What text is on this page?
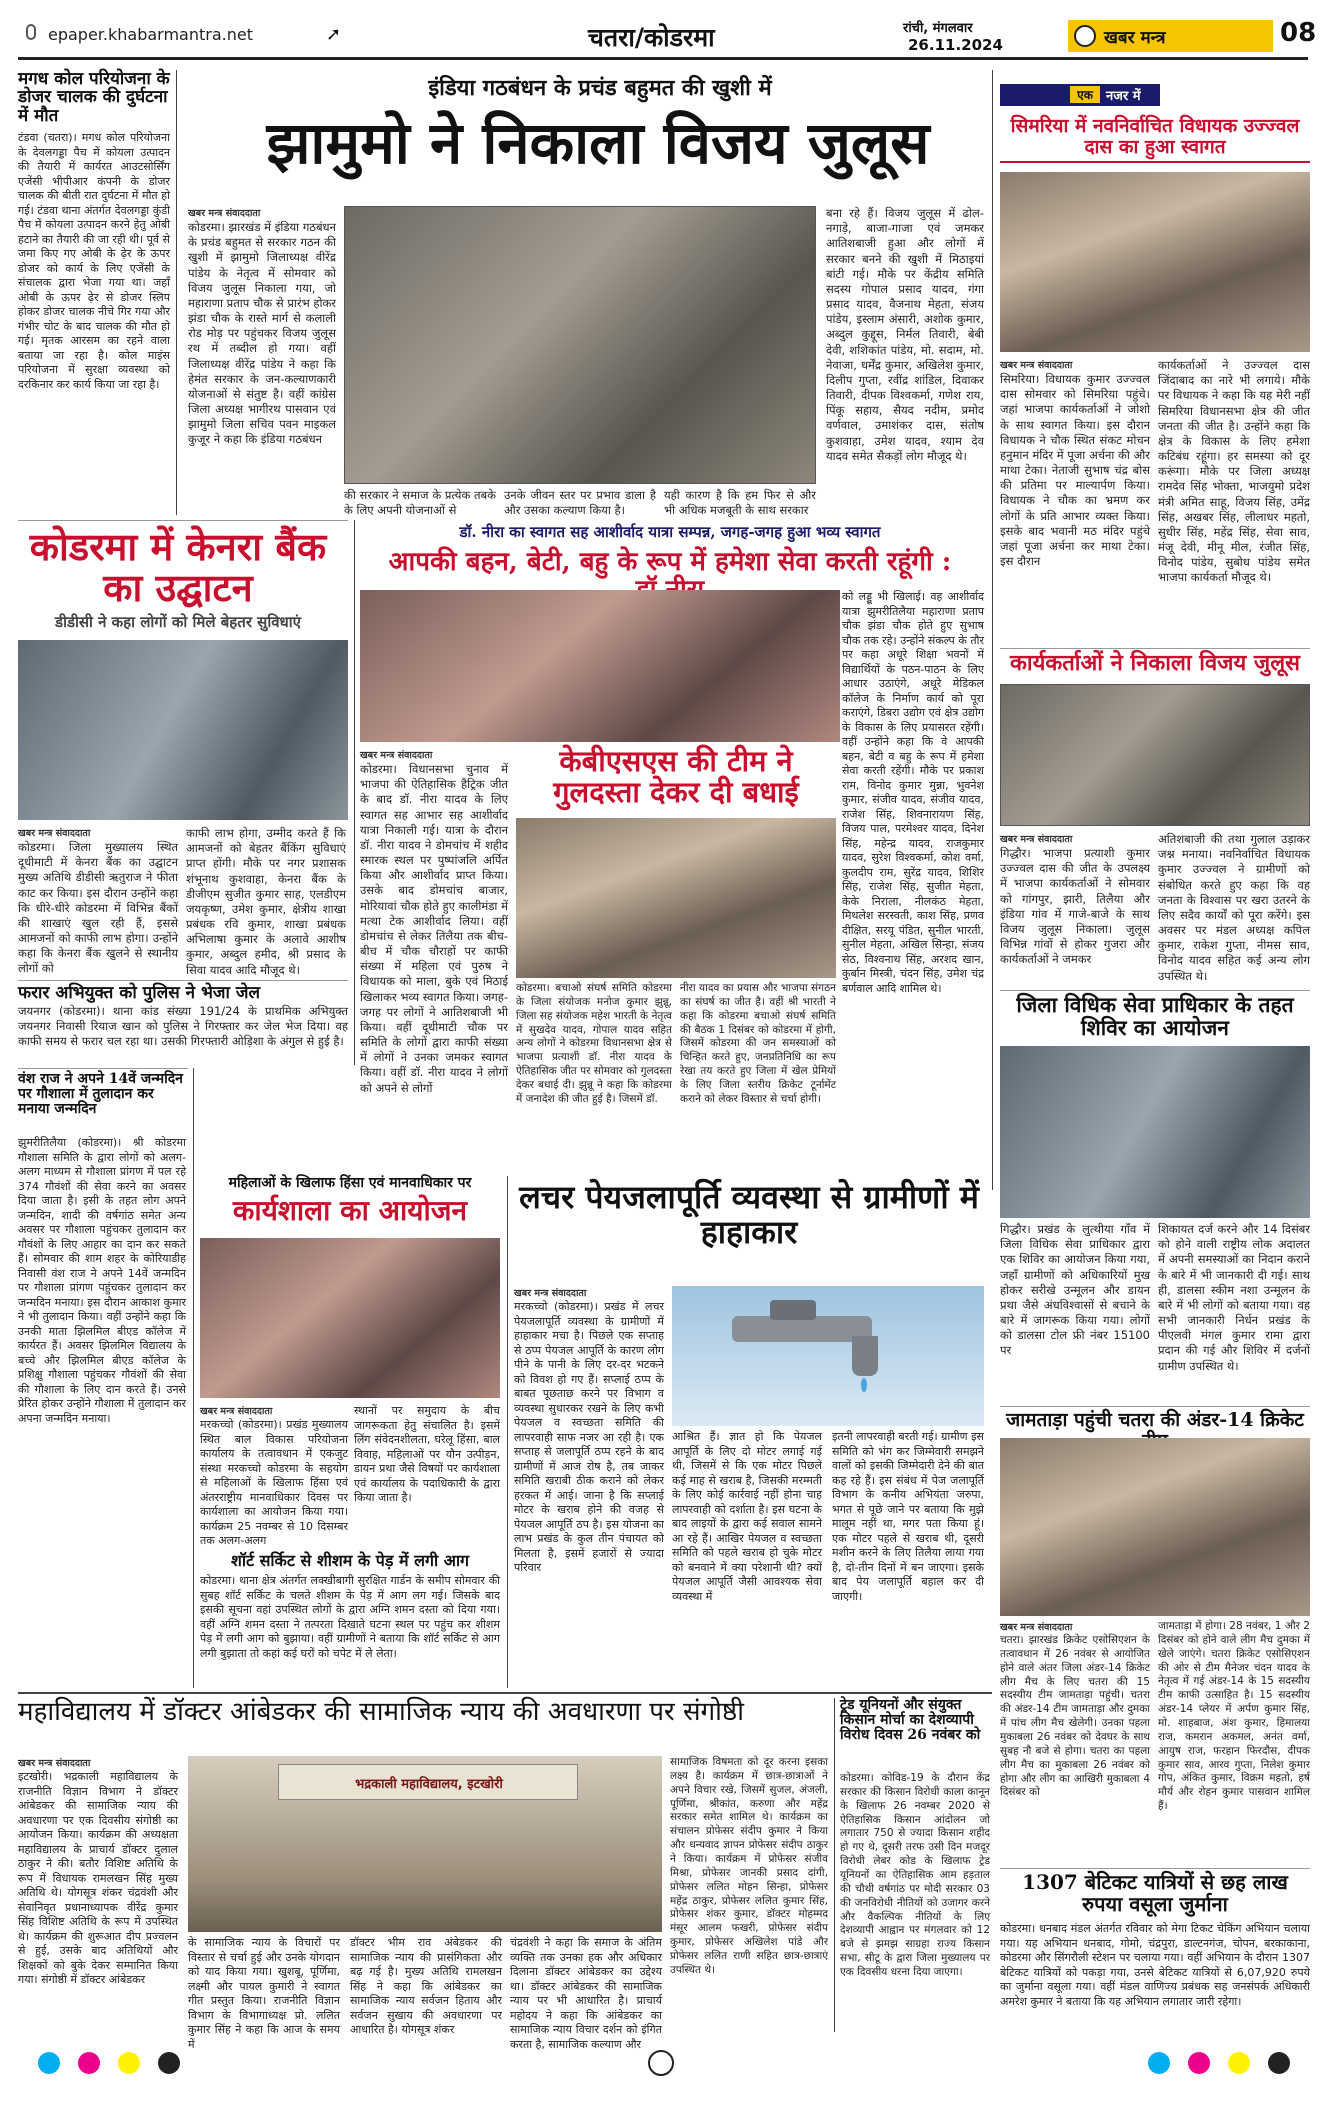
epaper.khabarmantra.net	➚	चतरा/कोडरमा	रांची, मंगलवार
26.11.2024	खबर मन्त्र	08
मगध कोल परियोजना के डोजर चालक की दुर्घटना में मौत
टंडवा (चतरा)। मगध कोल परियोजना के देवलगड्डा पैच में कोयला उत्पादन की तैयारी में कार्यरत आउटसोर्सिंग एजेंसी भीपीआर कंपनी के डोजर चालक की बीती रात दुर्घटना में मौत हो गई। टंडवा थाना अंतर्गत देवलगड्डा कुंडी पैच में कोयला उत्पादन करने हेतु ओबी हटाने का तैयारी की जा रही थी। पूर्व से जमा किए गए ओबी के ढ़ेर के ऊपर डोजर को कार्य के लिए एजेंसी के संचालक द्वारा भेजा गया था। जहाँ ओबी के ऊपर ढ़ेर से डोजर स्लिप होकर डोजर चालक नीचे गिर गया और गंभीर चोट के बाद चालक की मौत हो गई। मृतक आरसम का रहने वाला बताया जा रहा है। कोल माइंस परियोजना में सुरक्षा व्यवस्था को दरकिनार कर कार्य किया जा रहा है।
इंडिया गठबंधन के प्रचंड बहुमत की खुशी में
झामुमो ने निकाला विजय जुलूस
खबर मन्त्र संवाददाता
कोडरमा। झारखंड में इंडिया गठबंधन के प्रचंड बहुमत से सरकार गठन की खुशी में झामुमो जिलाध्यक्ष वीरेंद्र पांडेय के नेतृत्व में सोमवार को विजय जुलूस निकाला गया, जो महाराणा प्रताप चौक से प्रारंभ होकर झंडा चौक के रास्ते मार्ग से कलाली रोड मोड़ पर पहुंचकर विजय जुलूस रथ में तब्दील हो गया। वहीं जिलाध्यक्ष वीरेंद्र पांडेय ने कहा कि हेमंत सरकार के जन-कल्याणकारी योजनाओं से संतुष्ट है। वहीं कांग्रेस जिला अध्यक्ष भागीरथ पासवान एवं झामुमो जिला सचिव पवन माइकल कुजूर ने कहा कि इंडिया गठबंधन
की सरकार ने समाज के प्रत्येक तबके के लिए अपनी योजनाओं से
उनके जीवन स्तर पर प्रभाव डाला है और उसका कल्याण किया है।
यही कारण है कि हम फिर से और भी अधिक मजबूती के साथ सरकार
बना रहे हैं। विजय जुलूस में ढोल-नगाड़े, बाजा-गाजा एवं जमकर आतिशबाजी हुआ और लोगों में सरकार बनने की खुशी में मिठाइयां बांटी गई। मौके पर केंद्रीय समिति सदस्य गोपाल प्रसाद यादव, गंगा प्रसाद यादव, वैजनाथ मेहता, संजय पांडेय, इस्लाम अंसारी, अशोक कुमार, अब्दुल कुद्दूस, निर्मल तिवारी, बेबी देवी, शशिकांत पांडेय, मो. सदाम, मो. नेवाजा, धर्मेंद्र कुमार, अखिलेश कुमार, दिलीप गुप्ता, रवींद्र शांडिल, दिवाकर तिवारी, दीपक विश्वकर्मा, गणेश राय, पिंकू सहाय, सैयद नदीम, प्रमोद वर्णवाल, उमाशंकर दास, संतोष कुशवाहा, उमेश यादव, श्याम देव यादव समेत सैकड़ों लोग मौजूद थे।
एक	नजर में
सिमरिया में नवनिर्वाचित विधायक उज्ज्वल दास का हुआ स्वागत
खबर मन्त्र संवाददाता
सिमरिया। विधायक कुमार उज्ज्वल दास सोमवार को सिमरिया पहुंचे। जहां भाजपा कार्यकर्ताओं ने जोशो के साथ स्वागत किया। इस दौरान विधायक ने चौक स्थित संकट मोचन हनुमान मंदिर में पूजा अर्चना की और माथा टेका। नेताजी सुभाष चंद्र बोस की प्रतिमा पर माल्यार्पण किया। विधायक ने चौक का भ्रमण कर लोगों के प्रति आभार व्यक्त किया। इसके बाद भवानी मठ मंदिर पहुंचे जहां पूजा अर्चना कर माथा टेका। इस दौरान
कार्यकर्ताओं ने उज्ज्वल दास जिंदाबाद का नारे भी लगाये। मौके पर विधायक ने कहा कि यह मेरी नहीं सिमरिया विधानसभा क्षेत्र की जीत जनता की जीत है। उन्होंने कहा कि क्षेत्र के विकास के लिए हमेशा कटिबंध रहूंगा। हर समस्या को दूर करूंगा। मौके पर जिला अध्यक्ष रामदेव सिंह भोक्ता, भाजयुमो प्रदेश मंत्री अमित साहू, विजय सिंह, उमेंद्र सिंह, अखबर सिंह, लीलाधर महतो, सुधीर सिंह, महेंद्र सिंह, सेवा साव, मंजू देवी, मीनू मील, रंजीत सिंह, विनोद पांडेय, सुबोध पांडेय समेत भाजपा कार्यकर्ता मौजूद थे।
कोडरमा में केनरा बैंक का उद्घाटन
डीडीसी ने कहा लोगों को मिले बेहतर सुविधाएं
खबर मन्त्र संवाददाता
कोडरमा। जिला मुख्यालय स्थित दूधीमाटी में केनरा बैंक का उद्घाटन मुख्य अतिथि डीडीसी ऋतुराज ने फीता काट कर किया। इस दौरान उन्होंने कहा कि धीरे-धीरे कोडरमा में विभिन्न बैंकों की शाखाएं खुल रही हैं, इससे आमजनों को काफी लाभ होगा। उन्होंने कहा कि केनरा बैंक खुलने से स्थानीय लोगों को
काफी लाभ होगा, उम्मीद करते हैं कि आमजनों को बेहतर बैंकिंग सुविधाएं प्राप्त होंगी। मौके पर नगर प्रशासक शंभूनाथ कुशवाहा, केनरा बैंक के डीजीएम सुजीत कुमार साह, एलडीएम जयकृष्ण, उमेश कुमार, क्षेत्रीय शाखा प्रबंधक रवि कुमार, शाखा प्रबंधक अभिलाषा कुमार के अलावे आशीष कुमार, अब्दुल हमीद, श्री प्रसाद के सिवा यादव आदि मौजूद थे।
फरार अभियुक्त को पुलिस ने भेजा जेल
जयनगर (कोडरमा)। थाना कांड संख्या 191/24 के प्राथमिक अभियुक्त जयनगर निवासी रियाज खान को पुलिस ने गिरफ्तार कर जेल भेज दिया। वह काफी समय से फरार चल रहा था। उसकी गिरफ्तारी ओड़िशा के अंगुल से हुई है।
डॉ. नीरा का स्वागत सह आशीर्वाद यात्रा सम्पन्न, जगह-जगह हुआ भव्य स्वागत
आपकी बहन, बेटी, बहु के रूप में हमेशा सेवा करती रहूंगी :
खबर मन्त्र संवाददाता
कोडरमा। विधानसभा चुनाव में भाजपा की ऐतिहासिक हैट्रिक जीत के बाद डॉ. नीरा यादव के लिए स्वागत सह आभार सह आशीर्वाद यात्रा निकाली गई। यात्रा के दौरान डॉ. नीरा यादव ने डोमचांच में शहीद स्मारक स्थल पर पुष्पांजलि अर्पित किया और आशीर्वाद प्राप्त किया। उसके बाद डोमचांच बाजार, मोरियावां चौक होते हुए कालीमंडा में मत्था टेक आशीर्वाद लिया। वहीं डोमचांच से लेकर तिलैया तक बीच-बीच में चौक चौराहों पर काफी संख्या में महिला एवं पुरुष ने विधायक को माला, बुके एवं मिठाई खिलाकर भव्य स्वागत किया। जगह-जगह पर लोगों ने आतिशबाजी भी किया। वहीं दूधीमाटी चौक पर समिति के लोगों द्वारा काफी संख्या में लोगों ने उनका जमकर स्वागत किया। वहीं डॉ. नीरा यादव ने लोगों को अपने से लोगों
को लड्डू भी खिलाई। वह आशीर्वाद यात्रा झुमरीतिलैया महाराणा प्रताप चौक झंडा चौक होते हुए सुभाष चौक तक रहे। उन्होंने संकल्प के तौर पर कहा अधूरे शिक्षा भवनों में विद्यार्थियों के पठन-पाठन के लिए आधार उठाएंगे, अधूरे मेडिकल कॉलेज के निर्माण कार्य को पूरा कराएंगे, डिबरा उद्योग एवं क्षेत्र उद्योग के विकास के लिए प्रयासरत रहेंगी। वहीं उन्होंने कहा कि वे आपकी बहन, बेटी व बहु के रूप में हमेशा सेवा करती रहेंगी। मौके पर प्रकाश राम, विनोद कुमार मुन्ना, भुवनेश कुमार, संजीव यादव, संजीव यादव, राजेश सिंह, शिवनारायण सिंह, विजय पाल, परमेश्वर यादव, दिनेश सिंह, महेन्द्र यादव, राजकुमार यादव, सुरेश विश्वकर्मा, कोश वर्मा, कुलदीप राम, सुरेंद्र यादव, शिशिर सिंह, राजेश सिंह, सुजीत मेहता, केके निराला, नीलकंठ मेहता, मिथलेश सरस्वती, काश सिंह, प्रणव दीक्षित, सरयू पंडित, सुनील भारती, सुनील मेहता, अखिल सिन्हा, संजय सेठ, विश्वनाथ सिंह, अरशद खान, कुर्बान मिस्त्री, चंदन सिंह, उमेश चंद्र बर्णवाल आदि शामिल थे।
केबीएसएस की टीम ने गुलदस्ता देकर दी बधाई
कोडरमा। बचाओ संघर्ष समिति कोडरमा के जिला संयोजक मनोज कुमार झुन्नू, जिला सह संयोजक महेश भारती के नेतृत्व में सुखदेव यादव, गोपाल यादव सहित अन्य लोगों ने कोडरमा विधानसभा क्षेत्र से भाजपा प्रत्याशी डॉ. नीरा यादव के ऐतिहासिक जीत पर सोमवार को गुलदस्ता देकर बधाई दी। झुन्नू ने कहा कि कोडरमा में जनादेश की जीत हुई है। जिसमें डॉ.
नीरा यादव का प्रयास और भाजपा संगठन का संघर्ष का जीत है। वहीं श्री भारती ने कहा कि कोडरमा बचाओ संघर्ष समिति की बैठक 1 दिसंबर को कोडरमा में होगी, जिसमें कोडरमा की जन समस्याओं को चिन्हित करते हुए, जनप्रतिनिधि का रूप रेखा तय करते हुए जिला में खेल प्रेमियों के लिए जिला स्तरीय क्रिकेट टूर्नामेंट कराने को लेकर विस्तार से चर्चा होगी।
कार्यकर्ताओं ने निकाला विजय जुलूस
खबर मन्त्र संवाददाता
गिद्धौर। भाजपा प्रत्याशी कुमार उज्ज्वल दास की जीत के उपलक्ष्य में भाजपा कार्यकर्ताओं ने सोमवार को गांगपुर, झारी, तिलैया और इंडिया गांव में गाजे-बाजे के साथ विजय जुलूस निकाला। जुलूस विभिन्न गांवों से होकर गुजरा और कार्यकर्ताओं ने जमकर
अतिशबाजी की तथा गुलाल उड़ाकर जश्न मनाया। नवनिर्वाचित विधायक कुमार उज्ज्वल ने ग्रामीणों को संबोधित करते हुए कहा कि वह जनता के विश्वास पर खरा उतरने के लिए सदैव कार्यों को पूरा करेंगे। इस अवसर पर मंडल अध्यक्ष कपिल कुमार, राकेश गुप्ता, नीमस साव, विनोद यादव सहित कई अन्य लोग उपस्थित थे।
जिला विधिक सेवा प्राधिकार के तहत शिविर का आयोजन
गिद्धौर। प्रखंड के लुत्थीया गाँव में जिला विधिक सेवा प्राधिकार द्वारा एक शिविर का आयोजन किया गया, जहाँ ग्रामीणों को अधिकारियों मुख होकर सरीखे उन्मूलन और डायन प्रथा जैसे अंधविश्वासों से बचाने के बारे में जागरूक किया गया। लोगों को डालसा टोल फ्री नंबर 15100 पर
शिकायत दर्ज करने और 14 दिसंबर को होने वाली राष्ट्रीय लोक अदालत में अपनी समस्याओं का निदान कराने के बारे में भी जानकारी दी गई। साथ ही, डालसा स्कीम नशा उन्मूलन के बारे में भी लोगों को बताया गया। वह सभी जानकारी निर्धन प्रखंड के पीएलवी मंगल कुमार रामा द्वारा प्रदान की गई और शिविर में दर्जनों ग्रामीण उपस्थित थे।
वंश राज ने अपने 14वें जन्मदिन पर गौशाला में तुलादान कर मनाया जन्मदिन
झुमरीतिलैया (कोडरमा)। श्री कोडरमा गौशाला समिति के द्वारा लोगों को अलग-अलग माध्यम से गौशाला प्रांगण में पल रहे 374 गौवंशों की सेवा करने का अवसर दिया जाता है। इसी के तहत लोग अपने जन्मदिन, शादी की वर्षगांठ समेत अन्य अवसर पर गौशाला पहुंचकर तुलादान कर गौवंशों के लिए आहार का दान कर सकते हैं। सोमवार की शाम शहर के कोरियाडीह निवासी वंश राज ने अपने 14वें जन्मदिन पर गौशाला प्रांगण पहुंचकर तुलादान कर जन्मदिन मनाया। इस दौरान आकाश कुमार ने भी तुलादान किया। वहीं उन्होंने कहा कि उनकी माता झिलमिल बीएड कॉलेज में कार्यरत हैं। अवसर झिलमिल विद्यालय के बच्चे और झिलमिल बीएड कॉलेज के प्रशिक्षु गौशाला पहुंचकर गौवंशों की सेवा की गौशाला के लिए दान करते हैं। उनसे प्रेरित होकर उन्होंने गौशाला में तुलादान कर अपना जन्मदिन मनाया।
महिलाओं के खिलाफ हिंसा एवं मानवाधिकार पर
कार्यशाला का आयोजन
खबर मन्त्र संवाददाता
मरकच्चो (कोडरमा)। प्रखंड मुख्यालय स्थित बाल विकास परियोजना कार्यालय के तत्वावधान में एकजुट संस्था मरकच्चो कोडरमा के सहयोग से महिलाओं के खिलाफ हिंसा एवं अंतरराष्ट्रीय मानवाधिकार दिवस पर कार्यशाला का आयोजन किया गया। कार्यक्रम 25 नवम्बर से 10 दिसम्बर तक अलग-अलग
स्थानों पर समुदाय के बीच जागरूकता हेतु संचालित है। इसमें लिंग संवेदनशीलता, घरेलू हिंसा, बाल विवाह, महिलाओं पर यौन उत्पीड़न, डायन प्रथा जैसे विषयों पर कार्यशाला एवं कार्यालय के पदाधिकारी के द्वारा किया जाता है।
शॉर्ट सर्किट से शीशम के पेड़ में लगी आग
कोडरमा। थाना क्षेत्र अंतर्गत लक्खीबागी सुरक्षित गार्डन के समीप सोमवार की सुबह शॉर्ट सर्किट के चलते शीशम के पेड़ में आग लग गई। जिसके बाद इसकी सूचना वहां उपस्थित लोगों के द्वारा अग्नि शमन दस्ता को दिया गया। वहीं अग्नि शमन दस्ता ने तत्परता दिखाते घटना स्थल पर पहुंच कर शीशम पेड़ में लगी आग को बुझाया। वहीं ग्रामीणों ने बताया कि शॉर्ट सर्किट से आग लगी बुझाता तो कहां कई घरों को चपेट में ले लेता।
लचर पेयजलापूर्ति व्यवस्था से ग्रामीणों में हाहाकार
खबर मन्त्र संवाददाता
मरकच्चो (कोडरमा)। प्रखंड में लचर पेयजलापूर्ति व्यवस्था के ग्रामीणों में हाहाकार मचा है। पिछले एक सप्ताह से ठप्प पेयजल आपूर्ति के कारण लोग पीने के पानी के लिए दर-दर भटकने को विवश हो गए हैं। सप्लाई ठप्प के बाबत पूछताछ करने पर विभाग व व्यवस्था सुधारकर रखने के लिए कभी पेयजल व स्वच्छता समिति की लापरवाही साफ नजर आ रही है। एक सप्ताह से जलापूर्ति ठप्प रहने के बाद ग्रामीणों में आज रोष है, तब जाकर समिति खराबी ठीक कराने को लेकर हरकत में आई। जाना है कि सप्लाई मोटर के खराब होने की वजह से पेयजल आपूर्ति ठप है। इस योजना का लाभ प्रखंड के कुल तीन पंचायत को मिलता है, इसमें हजारों से ज्यादा परिवार
आश्रित हैं। ज्ञात हो कि पेयजल आपूर्ति के लिए दो मोटर लगाई गई थी, जिसमें से कि एक मोटर पिछले कई माह से खराब है, जिसकी मरम्मती के लिए कोई कार्रवाई नहीं होना चाह लापरवाही को दर्शाता है। इस घटना के बाद लाइयों के द्वारा कई सवाल सामने आ रहे हैं। आखिर पेयजल व स्वच्छता समिति को पहले खराब हो चुके मोटर को बनवाने में क्या परेशानी थी? क्यों पेयजल आपूर्ति जैसी आवश्यक सेवा व्यवस्था में
इतनी लापरवाही बरती गई। ग्रामीण इस समिति को भंग कर जिम्मेवारी समझने वालों को इसकी जिम्मेदारी देने की बात कह रहे हैं। इस संबंध में पेज जलापूर्ति विभाग के कनीय अभियंता जरुपा, भगत से पूछे जाने पर बताया कि मुझे मालूम नहीं था, मगर पता किया हूं। एक मोटर पहले से खराब थी, दूसरी मशीन करने के लिए तिलैया लाया गया है, दो-तीन दिनों में बन जाएगा। इसके बाद पेय जलापूर्ति बहाल कर दी जाएगी।
जामताड़ा पहुंची चतरा की अंडर-14 क्रिकेट
खबर मन्त्र संवाददाता
चतरा। झारखंड क्रिकेट एसोसिएशन के तत्वावधान में 26 नवंबर से आयोजित होने वाले अंतर जिला अंडर-14 क्रिकेट लीग मैच के लिए चतरा की 15 सदस्यीय टीम जामताड़ा पहुंची। चतरा की अंडर-14 टीम जामताड़ा और दुमका में पांच लीग मैच खेलेगी। उनका पहला मुकाबला 26 नवंबर को देवघर के साथ सुबह नौ बजे से होगा। चतरा का पहला लीग मैच का मुकाबला 26 नवंबर को होगा और लीग का आखिरी मुकाबला 4 दिसंबर को
जामताड़ा में होगा। 28 नवंबर, 1 और 2 दिसंबर को होने वाले लीग मैच दुमका में खेले जाएंगे। चतरा क्रिकेट एसोसिएशन की ओर से टीम मैनेजर चंदन यादव के नेतृत्व में गई अंडर-14 के 15 सदस्यीय टीम काफी उत्साहित है। 15 सदस्यीय अंडर-14 प्लेयर में अर्पण कुमार सिंह, मो. शाहबाज, अंश कुमार, हिमालया राज, कमरान अकमल, अनंत वर्मा, आयुष राज, फरहान फिरदौस, दीपक कुमार साव, आरव गुप्ता, निलेश कुमार गोप, अंकित कुमार, विक्रम महतो, हर्ष मौर्य और रोहन कुमार पासवान शामिल हैं।
1307 बेटिकट यात्रियों से छह लाख रुपया वसूला जुर्माना
कोडरमा। धनबाद मंडल अंतर्गत रविवार को मेगा टिकट चेकिंग अभियान चलाया गया। यह अभियान धनबाद, गोमो, चंद्रपुरा, डाल्टनगंज, चोपन, बरकाकाना, कोडरमा और सिंगरौली स्टेशन पर चलाया गया। वहीं अभियान के दौरान 1307 बेटिकट यात्रियों को पकड़ा गया, उनसे बेटिकट यात्रियों से 6,07,920 रुपये का जुर्माना वसूला गया। वहीं मंडल वाणिज्य प्रबंधक सह जनसंपर्क अधिकारी अमरेश कुमार ने बताया कि यह अभियान लगातार जारी रहेगा।
महाविद्यालय में डॉक्टर आंबेडकर की सामाजिक न्याय की अवधारणा पर संगोष्ठी
खबर मन्त्र संवाददाता
इटखोरी। भद्रकाली महाविद्यालय के राजनीति विज्ञान विभाग ने डॉक्टर आंबेडकर की सामाजिक न्याय की अवधारणा पर एक दिवसीय संगोष्ठी का आयोजन किया। कार्यक्रम की अध्यक्षता महाविद्यालय के प्राचार्य डॉक्टर दुलाल ठाकुर ने की। बतौर विशिष्ट अतिथि के रूप में विधायक रामलखन सिंह मुख्य अतिथि थे। योगसूत्र शंकर चंद्रवंशी और सेवानिवृत प्रधानाध्यापक वीरेंद्र कुमार सिंह विशिष्ट अतिथि के रूप में उपस्थित थे। कार्यक्रम की शुरूआत दीप प्रज्वलन से हुई, उसके बाद अतिथियों और शिक्षकों को बुके देकर सम्मानित किया गया। संगोष्ठी में डॉक्टर आंबेडकर
भद्रकाली महाविद्यालय, इटखोरी
के सामाजिक न्याय के विचारों पर विस्तार से चर्चा हुई और उनके योगदान को याद किया गया। खुशबू, पूर्णिमा, लक्ष्मी और पायल कुमारी ने स्वागत गीत प्रस्तुत किया। राजनीति विज्ञान विभाग के विभागाध्यक्ष प्रो. ललित कुमार सिंह ने कहा कि आज के समय में
डॉक्टर भीम राव अंबेडकर की सामाजिक न्याय की प्रासंगिकता और बढ़ गई है। मुख्य अतिथि रामलखन सिंह ने कहा कि आंबेडकर का सामाजिक न्याय सर्वजन हिताय और सर्वजन सुखाय की अवधारणा पर आधारित है। योगसूत्र शंकर
चंद्रवंशी ने कहा कि समाज के अंतिम व्यक्ति तक उनका हक और अधिकार दिलाना डॉक्टर आंबेडकर का उद्देश्य था। डॉक्टर आंबेडकर की सामाजिक न्याय पर भी आधारित है। प्राचार्य महोदय ने कहा कि आंबेडकर का सामाजिक न्याय विचार दर्शन को इंगित करता है, सामाजिक कल्याण और
सामाजिक विषमता को दूर करना इसका लक्ष्य है। कार्यक्रम में छात्र-छात्राओं ने अपने विचार रखे, जिसमें सुजल, अंजली, पूर्णिमा, श्रीकांत, करुणा और महेंद्र सरकार समेत शामिल थे। कार्यक्रम का संचालन प्रोफेसर संदीप कुमार ने किया और धन्यवाद ज्ञापन प्रोफेसर संदीप ठाकुर ने किया। कार्यक्रम में प्रोफेसर संजीव मिश्रा, प्रोफेसर जानकी प्रसाद दांगी, प्रोफेसर ललित मोहन सिन्हा, प्रोफेसर महेंद्र ठाकुर, प्रोफेसर ललित कुमार सिंह, प्रोफेसर शंकर कुमार, डॉक्टर मोहम्मद मंसूर आलम फखरी, प्रोफेसर संदीप कुमार, प्रोफेसर अखिलेश पांडे और प्रोफेसर ललित राणी सहित छात्र-छात्राएं उपस्थित थे।
ट्रेड यूनियनों और संयुक्त किसान मोर्चा का देशव्यापी विरोध दिवस 26 नवंबर को
कोडरमा। कोविड-19 के दौरान केंद्र सरकार की किसान विरोधी काला कानून के खिलाफ 26 नवम्बर 2020 से ऐतिहासिक किसान आंदोलन जो लगातार 750 से ज्यादा किसान शहीद हो गए थे, दूसरी तरफ उसी दिन मजदूर विरोधी लेबर कोड के खिलाफ ट्रेड यूनियनों का ऐतिहासिक आम हड़ताल की चौथी वर्षगांठ पर मोदी सरकार 03 की जनविरोधी नीतियों को उजागर करने और वैकल्पिक नीतियों के लिए देशव्यापी आह्वान पर मंगलवार को 12 बजे से झमझ साग्रहा राज्य किसान सभा, सीटू के द्वारा जिला मुख्यालय पर एक दिवसीय धरना दिया जाएगा।
